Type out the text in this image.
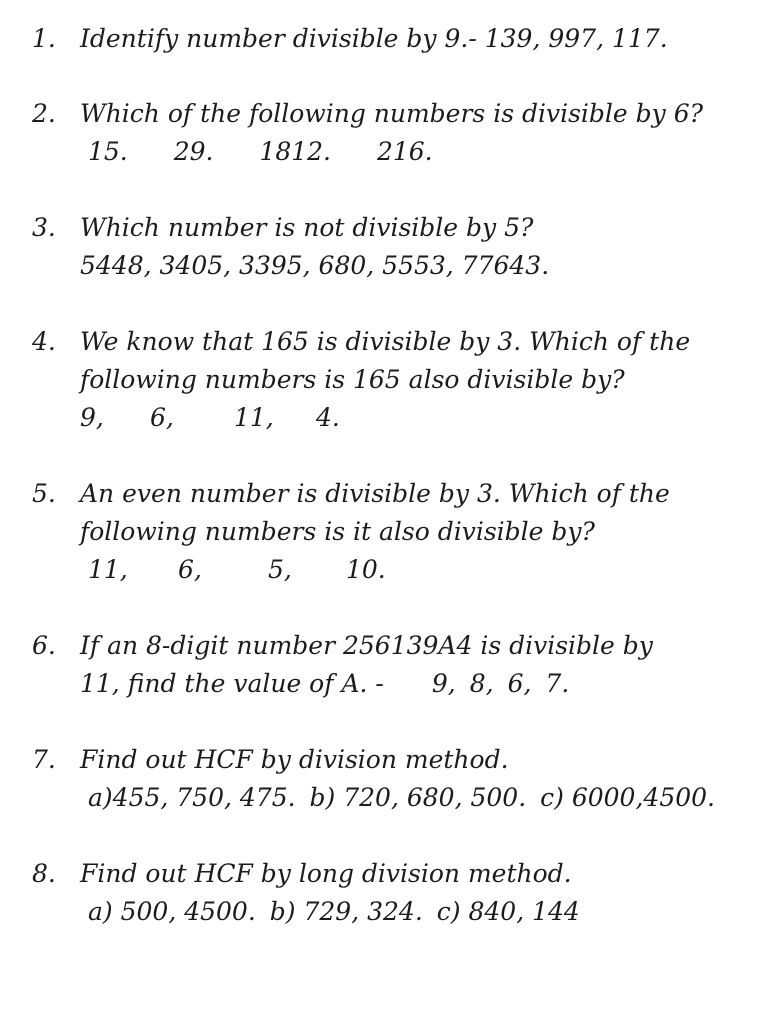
1. Identify number divisible by 9.- 139, 997, 117.
2. Which of the following numbers is divisible by 6?
15. 29. 1812. 216.
3. Which number is not divisible by 5?
5448, 3405, 3395, 680, 5553, 77643.
4. We know that 165 is divisible by 3. Which of the
following numbers is 165 also divisible by?
9, 6, 11, 4.
5. An even number is divisible by 3. Which of the
following numbers is it also divisible by?
11, 6,	5, 10.
6. If an 8-digit number 256139A4 is divisible by
11, find the value of A. - 9, 8, 6, 7.
7. Find out HCF by division method.
a)455, 750, 475. b) 720, 680, 500. c) 6000,4500.
8. Find out HCF by long division method.
a) 500, 4500. b) 729, 324. c) 840, 144
